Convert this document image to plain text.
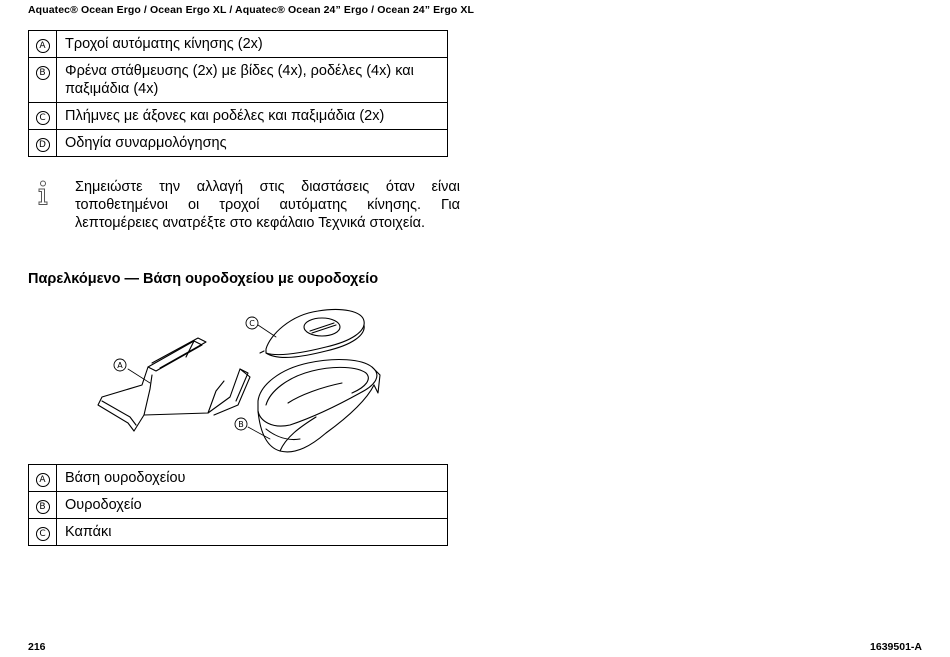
Aquatec® Ocean Ergo / Ocean Ergo XL / Aquatec® Ocean 24” Ergo / Ocean 24” Ergo XL
A	Τροχοί αυτόματης κίνησης (2x)
B	Φρένα στάθμευσης (2x) με βίδες (4x), ροδέλες (4x) και παξιμάδια (4x)
C	Πλήμνες με άξονες και ροδέλες και παξιμάδια (2x)
D	Οδηγία συναρμολόγησης
Σημειώστε την αλλαγή στις διαστάσεις όταν είναι τοποθετημένοι οι τροχοί αυτόματης κίνησης. Για λεπτομέρειες ανατρέξτε στο κεφάλαιο Τεχνικά στοιχεία.
Παρελκόμενο — Βάση ουροδοχείου με ουροδοχείο
A
C
B
A	Βάση ουροδοχείου
B	Ουροδοχείο
C	Καπάκι
216	1639501-A
